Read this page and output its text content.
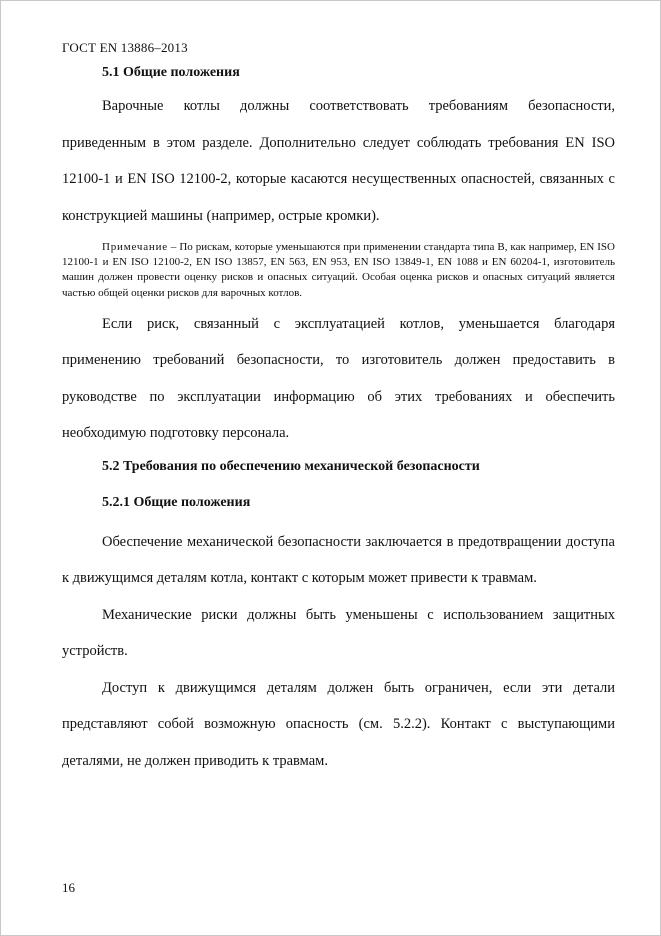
ГОСТ EN 13886–2013

5.1 Общие положения

Варочные котлы должны соответствовать требованиям безопасности, приведенным в этом разделе. Дополнительно следует соблюдать требования EN ISO 12100-1 и EN ISO 12100-2, которые касаются несущественных опасностей, связанных с конструкцией машины (например, острые кромки).

Примечание – По рискам, которые уменьшаются при применении стандарта типа B, как например, EN ISO 12100-1 и EN ISO 12100-2, EN ISO 13857, EN 563, EN 953, EN ISO 13849-1, EN 1088 и EN 60204-1, изготовитель машин должен провести оценку рисков и опасных ситуаций. Особая оценка рисков и опасных ситуаций является частью общей оценки рисков для варочных котлов.

Если риск, связанный с эксплуатацией котлов, уменьшается благодаря применению требований безопасности, то изготовитель должен предоставить в руководстве по эксплуатации информацию об этих требованиях и обеспечить необходимую подготовку персонала.

5.2 Требования по обеспечению механической безопасности

5.2.1 Общие положения

Обеспечение механической безопасности заключается в предотвращении доступа к движущимся деталям котла, контакт с которым может привести к травмам.

Механические риски должны быть уменьшены с использованием защитных устройств.

Доступ к движущимся деталям должен быть ограничен, если эти детали представляют собой возможную опасность (см. 5.2.2). Контакт с выступающими деталями, не должен приводить к травмам.

16
